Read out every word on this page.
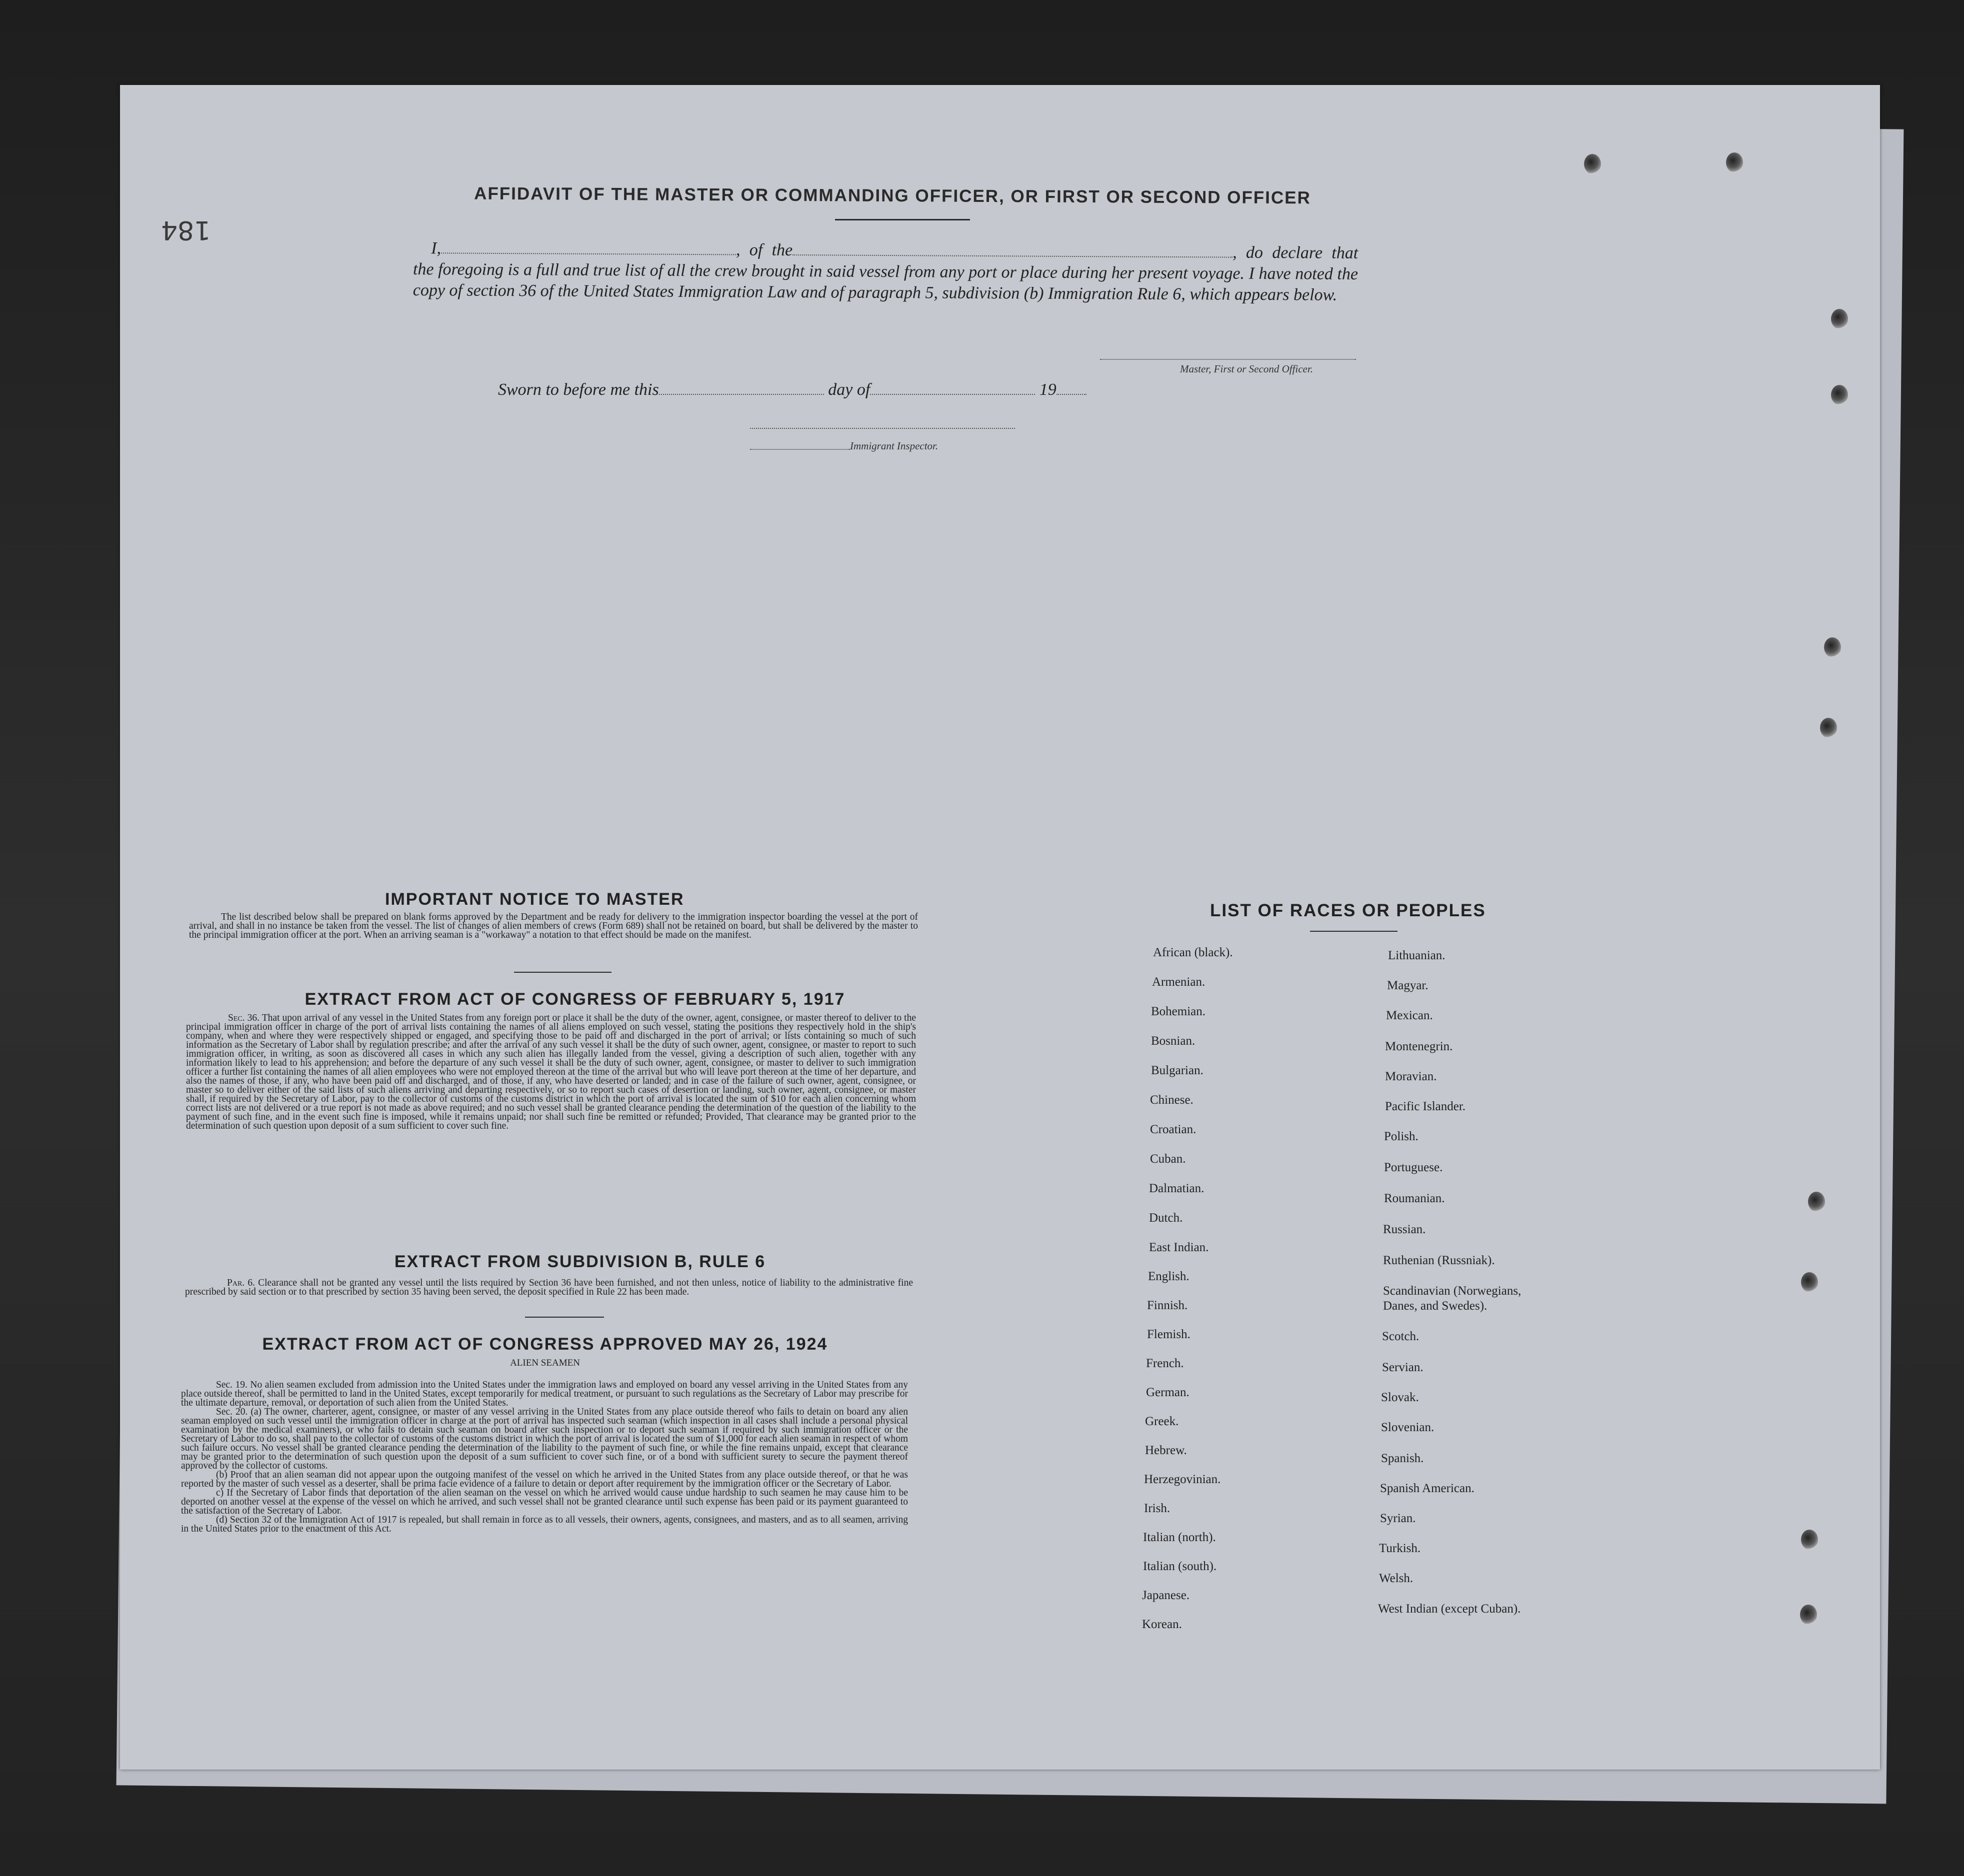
184
AFFIDAVIT OF THE MASTER OR COMMANDING OFFICER, OR FIRST OR SECOND OFFICER
I,	, of the	, do declare that the foregoing is a full and true list of all the crew brought in said vessel from any port or place during her present voyage. I have noted the copy of section 36 of the United States Immigration Law and of paragraph 5, subdivision (b) Immigration Rule 6, which appears below.
Master, First or Second Officer.
Sworn to before me this	day of	19
Immigrant Inspector.
IMPORTANT NOTICE TO MASTER
The list described below shall be prepared on blank forms approved by the Department and be ready for delivery to the immigration inspector boarding the vessel at the port of arrival, and shall in no instance be taken from the vessel. The list of changes of alien members of crews (Form 689) shall not be retained on board, but shall be delivered by the master to the principal immigration officer at the port. When an arriving seaman is a "workaway" a notation to that effect should be made on the manifest.
EXTRACT FROM ACT OF CONGRESS OF FEBRUARY 5, 1917
Sec. 36. That upon arrival of any vessel in the United States from any foreign port or place it shall be the duty of the owner, agent, consignee, or master thereof to deliver to the principal immigration officer in charge of the port of arrival lists containing the names of all aliens employed on such vessel, stating the positions they respectively hold in the ship's company, when and where they were respectively shipped or engaged, and specifying those to be paid off and discharged in the port of arrival; or lists containing so much of such information as the Secretary of Labor shall by regulation prescribe; and after the arrival of any such vessel it shall be the duty of such owner, agent, consignee, or master to report to such immigration officer, in writing, as soon as discovered all cases in which any such alien has illegally landed from the vessel, giving a description of such alien, together with any information likely to lead to his apprehension; and before the departure of any such vessel it shall be the duty of such owner, agent, consignee, or master to deliver to such immigration officer a further list containing the names of all alien employees who were not employed thereon at the time of the arrival but who will leave port thereon at the time of her departure, and also the names of those, if any, who have been paid off and discharged, and of those, if any, who have deserted or landed; and in case of the failure of such owner, agent, consignee, or master so to deliver either of the said lists of such aliens arriving and departing respectively, or so to report such cases of desertion or landing, such owner, agent, consignee, or master shall, if required by the Secretary of Labor, pay to the collector of customs of the customs district in which the port of arrival is located the sum of $10 for each alien concerning whom correct lists are not delivered or a true report is not made as above required; and no such vessel shall be granted clearance pending the determination of the question of the liability to the payment of such fine, and in the event such fine is imposed, while it remains unpaid; nor shall such fine be remitted or refunded; Provided, That clearance may be granted prior to the determination of such question upon deposit of a sum sufficient to cover such fine.
EXTRACT FROM SUBDIVISION B, RULE 6
Par. 6. Clearance shall not be granted any vessel until the lists required by Section 36 have been furnished, and not then unless, notice of liability to the administrative fine prescribed by said section or to that prescribed by section 35 having been served, the deposit specified in Rule 22 has been made.
EXTRACT FROM ACT OF CONGRESS APPROVED MAY 26, 1924
ALIEN SEAMEN
Sec. 19. No alien seamen excluded from admission into the United States under the immigration laws and employed on board any vessel arriving in the United States from any place outside thereof, shall be permitted to land in the United States, except temporarily for medical treatment, or pursuant to such regulations as the Secretary of Labor may prescribe for the ultimate departure, removal, or deportation of such alien from the United States.
Sec. 20. (a) The owner, charterer, agent, consignee, or master of any vessel arriving in the United States from any place outside thereof who fails to detain on board any alien seaman employed on such vessel until the immigration officer in charge at the port of arrival has inspected such seaman (which inspection in all cases shall include a personal physical examination by the medical examiners), or who fails to detain such seaman on board after such inspection or to deport such seaman if required by such immigration officer or the Secretary of Labor to do so, shall pay to the collector of customs of the customs district in which the port of arrival is located the sum of $1,000 for each alien seaman in respect of whom such failure occurs. No vessel shall be granted clearance pending the determination of the liability to the payment of such fine, or while the fine remains unpaid, except that clearance may be granted prior to the determination of such question upon the deposit of a sum sufficient to cover such fine, or of a bond with sufficient surety to secure the payment thereof approved by the collector of customs.
(b) Proof that an alien seaman did not appear upon the outgoing manifest of the vessel on which he arrived in the United States from any place outside thereof, or that he was reported by the master of such vessel as a deserter, shall be prima facie evidence of a failure to detain or deport after requirement by the immigration officer or the Secretary of Labor.
c) If the Secretary of Labor finds that deportation of the alien seaman on the vessel on which he arrived would cause undue hardship to such seamen he may cause him to be deported on another vessel at the expense of the vessel on which he arrived, and such vessel shall not be granted clearance until such expense has been paid or its payment guaranteed to the satisfaction of the Secretary of Labor.
(d) Section 32 of the Immigration Act of 1917 is repealed, but shall remain in force as to all vessels, their owners, agents, consignees, and masters, and as to all seamen, arriving in the United States prior to the enactment of this Act.
LIST OF RACES OR PEOPLES
African (black).
Armenian.
Bohemian.
Bosnian.
Bulgarian.
Chinese.
Croatian.
Cuban.
Dalmatian.
Dutch.
East Indian.
English.
Finnish.
Flemish.
French.
German.
Greek.
Hebrew.
Herzegovinian.
Irish.
Italian (north).
Italian (south).
Japanese.
Korean.
Lithuanian.
Magyar.
Mexican.
Montenegrin.
Moravian.
Pacific Islander.
Polish.
Portuguese.
Roumanian.
Russian.
Ruthenian (Russniak).
Scandinavian (Norwegians, Danes, and Swedes).
Scotch.
Servian.
Slovak.
Slovenian.
Spanish.
Spanish American.
Syrian.
Turkish.
Welsh.
West Indian (except Cuban).
